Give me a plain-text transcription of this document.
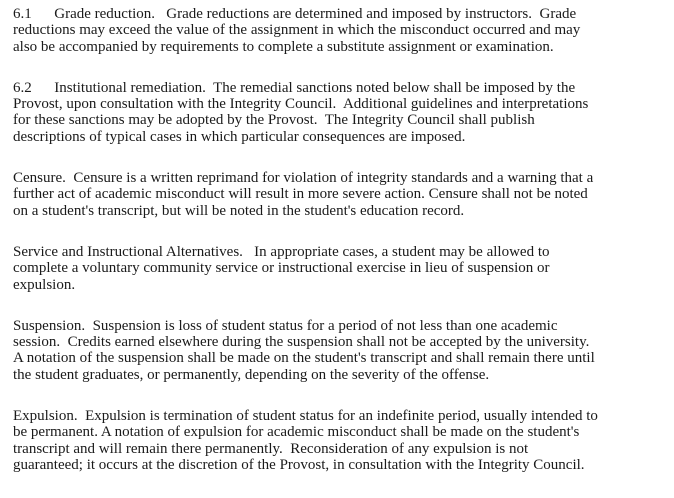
6.1      Grade reduction.   Grade reductions are determined and imposed by instructors.  Grade
reductions may exceed the value of the assignment in which the misconduct occurred and may
also be accompanied by requirements to complete a substitute assignment or examination.

6.2      Institutional remediation.  The remedial sanctions noted below shall be imposed by the
Provost, upon consultation with the Integrity Council.  Additional guidelines and interpretations
for these sanctions may be adopted by the Provost.  The Integrity Council shall publish
descriptions of typical cases in which particular consequences are imposed.

Censure.  Censure is a written reprimand for violation of integrity standards and a warning that a
further act of academic misconduct will result in more severe action. Censure shall not be noted
on a student's transcript, but will be noted in the student's education record.

Service and Instructional Alternatives.   In appropriate cases, a student may be allowed to
complete a voluntary community service or instructional exercise in lieu of suspension or
expulsion.

Suspension.  Suspension is loss of student status for a period of not less than one academic
session.  Credits earned elsewhere during the suspension shall not be accepted by the university.
A notation of the suspension shall be made on the student's transcript and shall remain there until
the student graduates, or permanently, depending on the severity of the offense.

Expulsion.  Expulsion is termination of student status for an indefinite period, usually intended to
be permanent. A notation of expulsion for academic misconduct shall be made on the student's
transcript and will remain there permanently.  Reconsideration of any expulsion is not
guaranteed; it occurs at the discretion of the Provost, in consultation with the Integrity Council.
